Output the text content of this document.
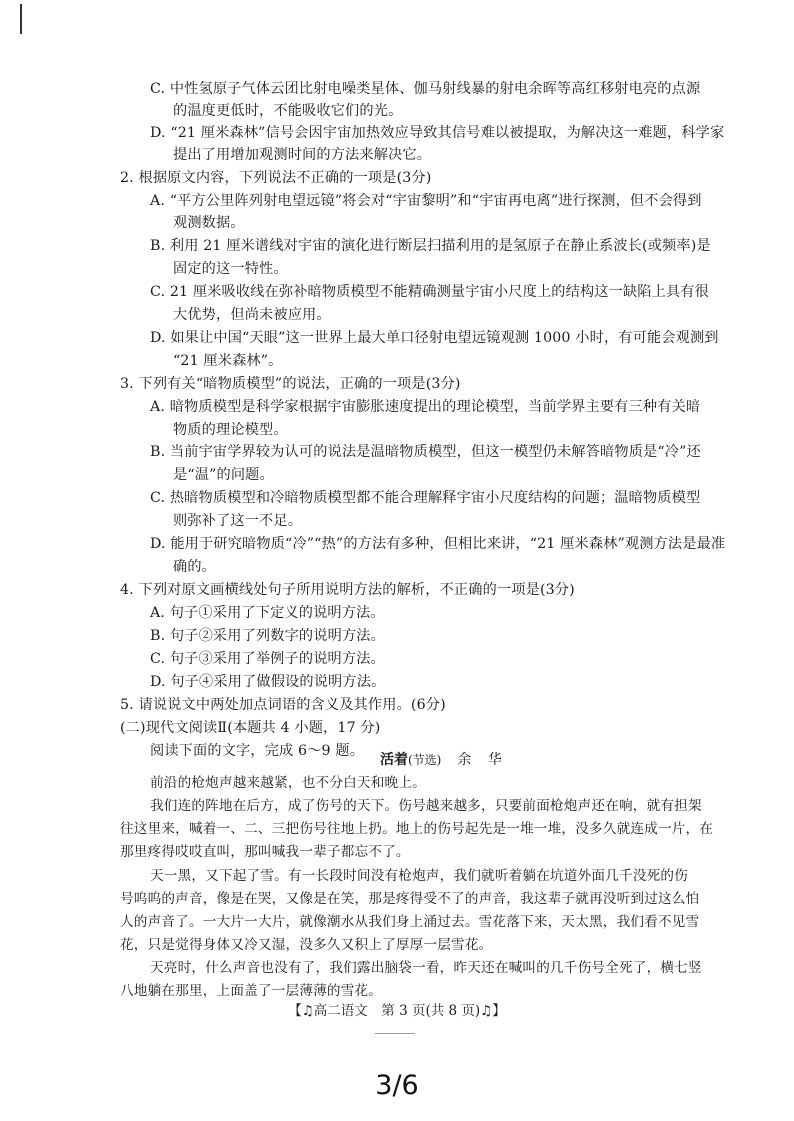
C. 中性氢原子气体云团比射电噪类星体、伽马射线暴的射电余晖等高红移射电亮的点源
的温度更低时，不能吸收它们的光。
D. “21 厘米森林”信号会因宇宙加热效应导致其信号难以被提取，为解决这一难题，科学家
提出了用增加观测时间的方法来解决它。
2. 根据原文内容，下列说法不正确的一项是(3分)
A. “平方公里阵列射电望远镜”将会对“宇宙黎明”和“宇宙再电离”进行探测，但不会得到
观测数据。
B. 利用 21 厘米谱线对宇宙的演化进行断层扫描利用的是氢原子在静止系波长(或频率)是
固定的这一特性。
C. 21 厘米吸收线在弥补暗物质模型不能精确测量宇宙小尺度上的结构这一缺陷上具有很
大优势，但尚未被应用。
D. 如果让中国“天眼”这一世界上最大单口径射电望远镜观测 1000 小时，有可能会观测到
“21 厘米森林”。
3. 下列有关“暗物质模型”的说法，正确的一项是(3分)
A. 暗物质模型是科学家根据宇宙膨胀速度提出的理论模型，当前学界主要有三种有关暗
物质的理论模型。
B. 当前宇宙学界较为认可的说法是温暗物质模型，但这一模型仍未解答暗物质是“冷”还
是“温”的问题。
C. 热暗物质模型和冷暗物质模型都不能合理解释宇宙小尺度结构的问题；温暗物质模型
则弥补了这一不足。
D. 能用于研究暗物质“冷”“热”的方法有多种，但相比来讲，“21 厘米森林”观测方法是最准
确的。
4. 下列对原文画横线处句子所用说明方法的解析，不正确的一项是(3分)
A. 句子①采用了下定义的说明方法。
B. 句子②采用了列数字的说明方法。
C. 句子③采用了举例子的说明方法。
D. 句子④采用了做假设的说明方法。
5. 请说说文中两处加点词语的含义及其作用。(6分)
(二)现代文阅读Ⅱ(本题共 4 小题，17 分)
阅读下面的文字，完成 6～9 题。
活着(节选) 余 华
前沿的枪炮声越来越紧，也不分白天和晚上。
我们连的阵地在后方，成了伤号的天下。伤号越来越多，只要前面枪炮声还在响，就有担架
往这里来，喊着一、二、三把伤号往地上扔。地上的伤号起先是一堆一堆，没多久就连成一片，在
那里疼得哎哎直叫，那叫喊我一辈子都忘不了。
天一黑，又下起了雪。有一长段时间没有枪炮声，我们就听着躺在坑道外面几千没死的伤
号呜呜的声音，像是在哭，又像是在笑，那是疼得受不了的声音，我这辈子就再没听到过这么怕
人的声音了。一大片一大片，就像潮水从我们身上涌过去。雪花落下来，天太黑，我们看不见雪
花，只是觉得身体又冷又湿，没多久又积上了厚厚一层雪花。
天亮时，什么声音也没有了，我们露出脑袋一看，昨天还在喊叫的几千伤号全死了，横七竖
八地躺在那里，上面盖了一层薄薄的雪花。
【♫高二语文　第 3 页(共 8 页)♫】
3/6
